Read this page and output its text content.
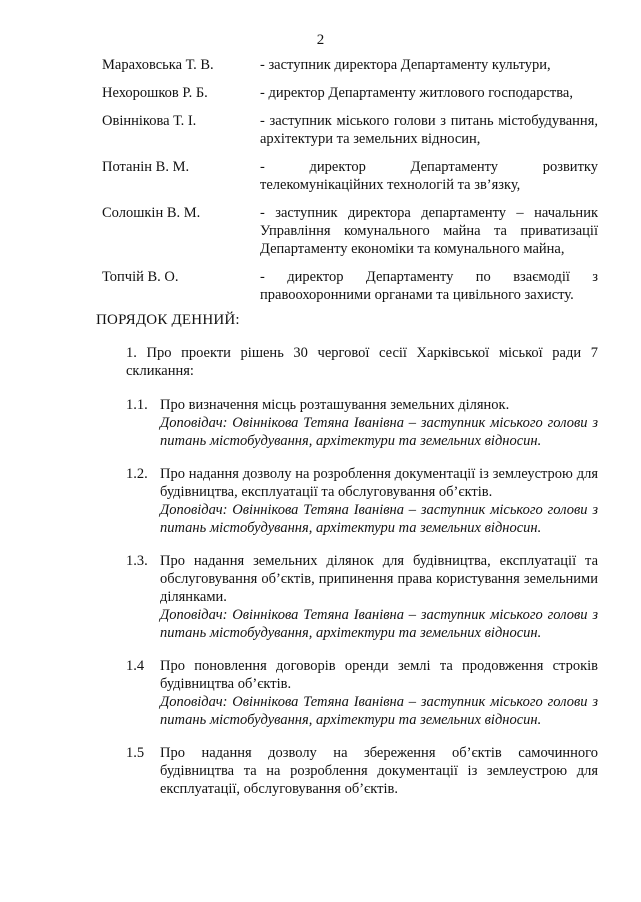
2
Мараховська Т. В.	- заступник директора Департаменту культури,
Нехорошков Р. Б.	- директор Департаменту житлового господарства,
Овіннікова Т. І.	- заступник міського голови з питань містобудування, архітектури та земельних відносин,
Потанін В. М.	- директор Департаменту розвитку телекомунікаційних технологій та зв’язку,
Солошкін В. М.	- заступник директора департаменту – начальник Управління комунального майна та приватизації Департаменту економіки та комунального майна,
Топчій В. О.	- директор Департаменту по взаємодії з правоохоронними органами та цивільного захисту.
ПОРЯДОК ДЕННИЙ:
1. Про проекти рішень 30 чергової сесії Харківської міської ради 7 скликання:
1.1. Про визначення місць розташування земельних ділянок.
Доповідач: Овіннікова Тетяна Іванівна – заступник міського голови з питань містобудування, архітектури та земельних відносин.
1.2. Про надання дозволу на розроблення документації із землеустрою для будівництва, експлуатації та обслуговування об’єктів.
Доповідач: Овіннікова Тетяна Іванівна – заступник міського голови з питань містобудування, архітектури та земельних відносин.
1.3. Про надання земельних ділянок для будівництва, експлуатації та обслуговування об’єктів, припинення права користування земельними ділянками.
Доповідач: Овіннікова Тетяна Іванівна – заступник міського голови з питань містобудування, архітектури та земельних відносин.
1.4	Про поновлення договорів оренди землі та продовження строків будівництва об’єктів.
Доповідач: Овіннікова Тетяна Іванівна – заступник міського голови з питань містобудування, архітектури та земельних відносин.
1.5	Про надання дозволу на збереження об’єктів самочинного будівництва та на розроблення документації із землеустрою для експлуатації, обслуговування об’єктів.
